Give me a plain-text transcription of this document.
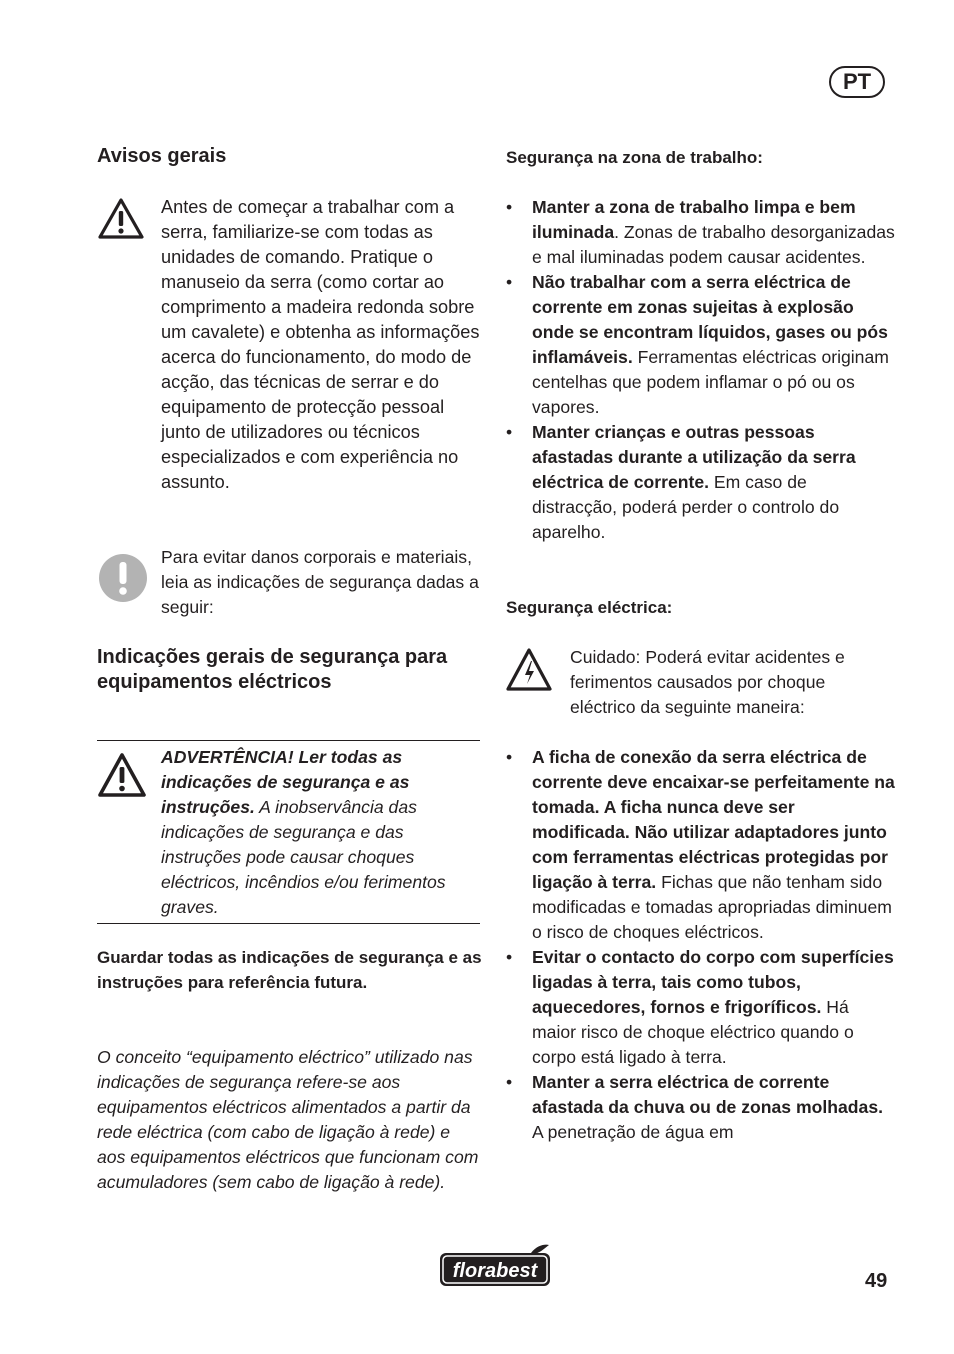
PT
Avisos gerais
Antes de começar a trabalhar com a serra, familiarize-se com todas as unidades de comando. Pratique o manuseio da serra (como cortar ao comprimento a madeira redonda sobre um cavalete) e obtenha as informações acerca do funcionamento, do modo de acção, das técnicas de serrar e do equipamento de protecção pessoal junto de utilizadores ou técnicos especializados e com experiência no assunto.
Para evitar danos corporais e materiais, leia as indicações de segurança dadas a seguir:
Indicações gerais de segurança para equipamentos eléctricos
ADVERTÊNCIA! Ler todas as indicações de segurança e as instruções. A inobservância das indicações de segurança e das instruções pode causar choques eléctricos, incêndios e/ou ferimentos graves.
Guardar todas as indicações de segurança e as instruções para referência futura.
O conceito “equipamento eléctrico” utilizado nas indicações de segurança refere-se aos equipamentos eléctricos alimentados a partir da rede eléctrica (com cabo de ligação à rede) e aos equipamentos eléctricos que funcionam com acumuladores (sem cabo de ligação à rede).
Segurança na zona de trabalho:
• Manter a zona de trabalho limpa e bem iluminada. Zonas de trabalho desorganizadas e mal iluminadas podem causar acidentes.
• Não trabalhar com a serra eléctrica de corrente em zonas sujeitas à explosão onde se encontram líquidos, gases ou pós inflamáveis. Ferramentas eléctricas originam centelhas que podem inflamar o pó ou os vapores.
• Manter crianças e outras pessoas afastadas durante a utilização da serra eléctrica de corrente. Em caso de distracção, poderá perder o controlo do aparelho.
Segurança eléctrica:
Cuidado: Poderá evitar acidentes e ferimentos causados por choque eléctrico da seguinte maneira:
• A ficha de conexão da serra eléctrica de corrente deve encaixar-se perfeitamente na tomada. A ficha nunca deve ser modificada. Não utilizar adaptadores junto com ferramentas eléctricas protegidas por ligação à terra. Fichas que não tenham sido modificadas e tomadas apropriadas diminuem o risco de choques eléctricos.
• Evitar o contacto do corpo com superfícies ligadas à terra, tais como tubos, aquecedores, fornos e frigoríficos. Há maior risco de choque eléctrico quando o corpo está ligado à terra.
• Manter a serra eléctrica de corrente afastada da chuva ou de zonas molhadas. A penetração de água em
florabest	49
